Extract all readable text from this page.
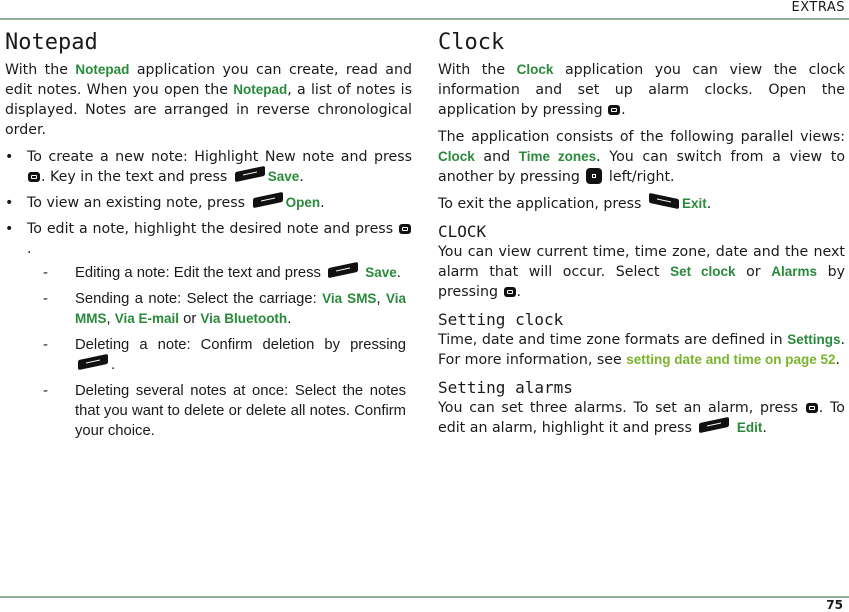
EXTRAS
Notepad

With the Notepad application you can create, read and edit notes. When you open the Notepad, a list of notes is displayed. Notes are arranged in reverse chronological order.

• To create a new note: Highlight New note and press . Key in the text and press	Save.
• To view an existing note, press	Open.
• To edit a note, highlight the desired note and press .
- Editing a note: Edit the text and press	Save.
- Sending a note: Select the carriage: Via SMS, Via MMS, Via E-mail or Via Bluetooth.
- Deleting a note: Confirm deletion by pressing .
- Deleting several notes at once: Select the notes that you want to delete or delete all notes. Confirm your choice.
Clock

With the Clock application you can view the clock information and set up alarm clocks. Open the application by pressing .

The application consists of the following parallel views: Clock and Time zones. You can switch from a view to another by pressing  left/right.

To exit the application, press	Exit.

CLOCK

You can view current time, time zone, date and the next alarm that will occur. Select Set clock or Alarms by pressing .

Setting clock

Time, date and time zone formats are defined in Settings. For more information, see setting date and time on page 52.

Setting alarms

You can set three alarms. To set an alarm, press . To edit an alarm, highlight it and press	Edit.

75
